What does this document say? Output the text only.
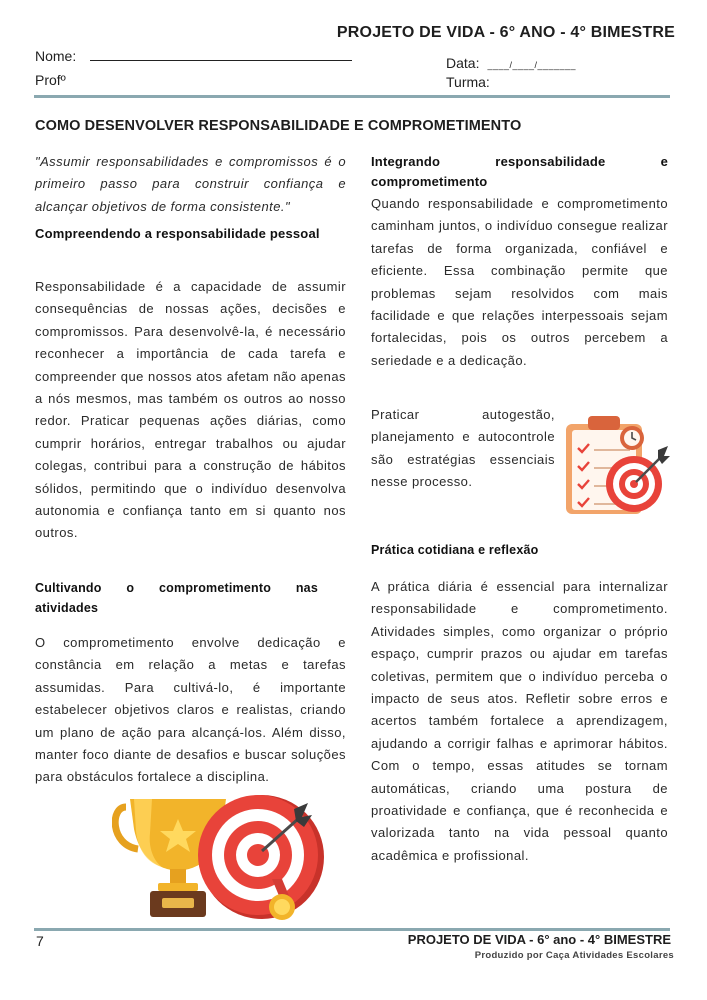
PROJETO DE VIDA - 6° ANO - 4° BIMESTRE
Nome:
Profº
Data: ____/____/_______
Turma:
COMO DESENVOLVER RESPONSABILIDADE E COMPROMETIMENTO

"Assumir responsabilidades e compromissos é o primeiro passo para construir confiança e alcançar objetivos de forma consistente."

Compreendendo a responsabilidade pessoal

Responsabilidade é a capacidade de assumir consequências de nossas ações, decisões e compromissos. Para desenvolvê-la, é necessário reconhecer a importância de cada tarefa e compreender que nossos atos afetam não apenas a nós mesmos, mas também os outros ao nosso redor. Praticar pequenas ações diárias, como cumprir horários, entregar trabalhos ou ajudar colegas, contribui para a construção de hábitos sólidos, permitindo que o indivíduo desenvolva autonomia e confiança tanto em si quanto nos outros.

Cultivando o comprometimento nas atividades

O comprometimento envolve dedicação e constância em relação a metas e tarefas assumidas. Para cultivá-lo, é importante estabelecer objetivos claros e realistas, criando um plano de ação para alcançá-los. Além disso, manter foco diante de desafios e buscar soluções para obstáculos fortalece a disciplina.

Integrando responsabilidade e comprometimento

Quando responsabilidade e comprometimento caminham juntos, o indivíduo consegue realizar tarefas de forma organizada, confiável e eficiente. Essa combinação permite que problemas sejam resolvidos com mais facilidade e que relações interpessoais sejam fortalecidas, pois os outros percebem a seriedade e a dedicação.

Praticar autogestão, planejamento e autocontrole são estratégias essenciais nesse processo.

Prática cotidiana e reflexão

A prática diária é essencial para internalizar responsabilidade e comprometimento. Atividades simples, como organizar o próprio espaço, cumprir prazos ou ajudar em tarefas coletivas, permitem que o indivíduo perceba o impacto de seus atos. Refletir sobre erros e acertos também fortalece a aprendizagem, ajudando a corrigir falhas e aprimorar hábitos. Com o tempo, essas atitudes se tornam automáticas, criando uma postura de proatividade e confiança, que é reconhecida e valorizada tanto na vida pessoal quanto acadêmica e profissional.

7	PROJETO DE VIDA - 6° ano - 4° BIMESTRE
Produzido por Caça Atividades Escolares
